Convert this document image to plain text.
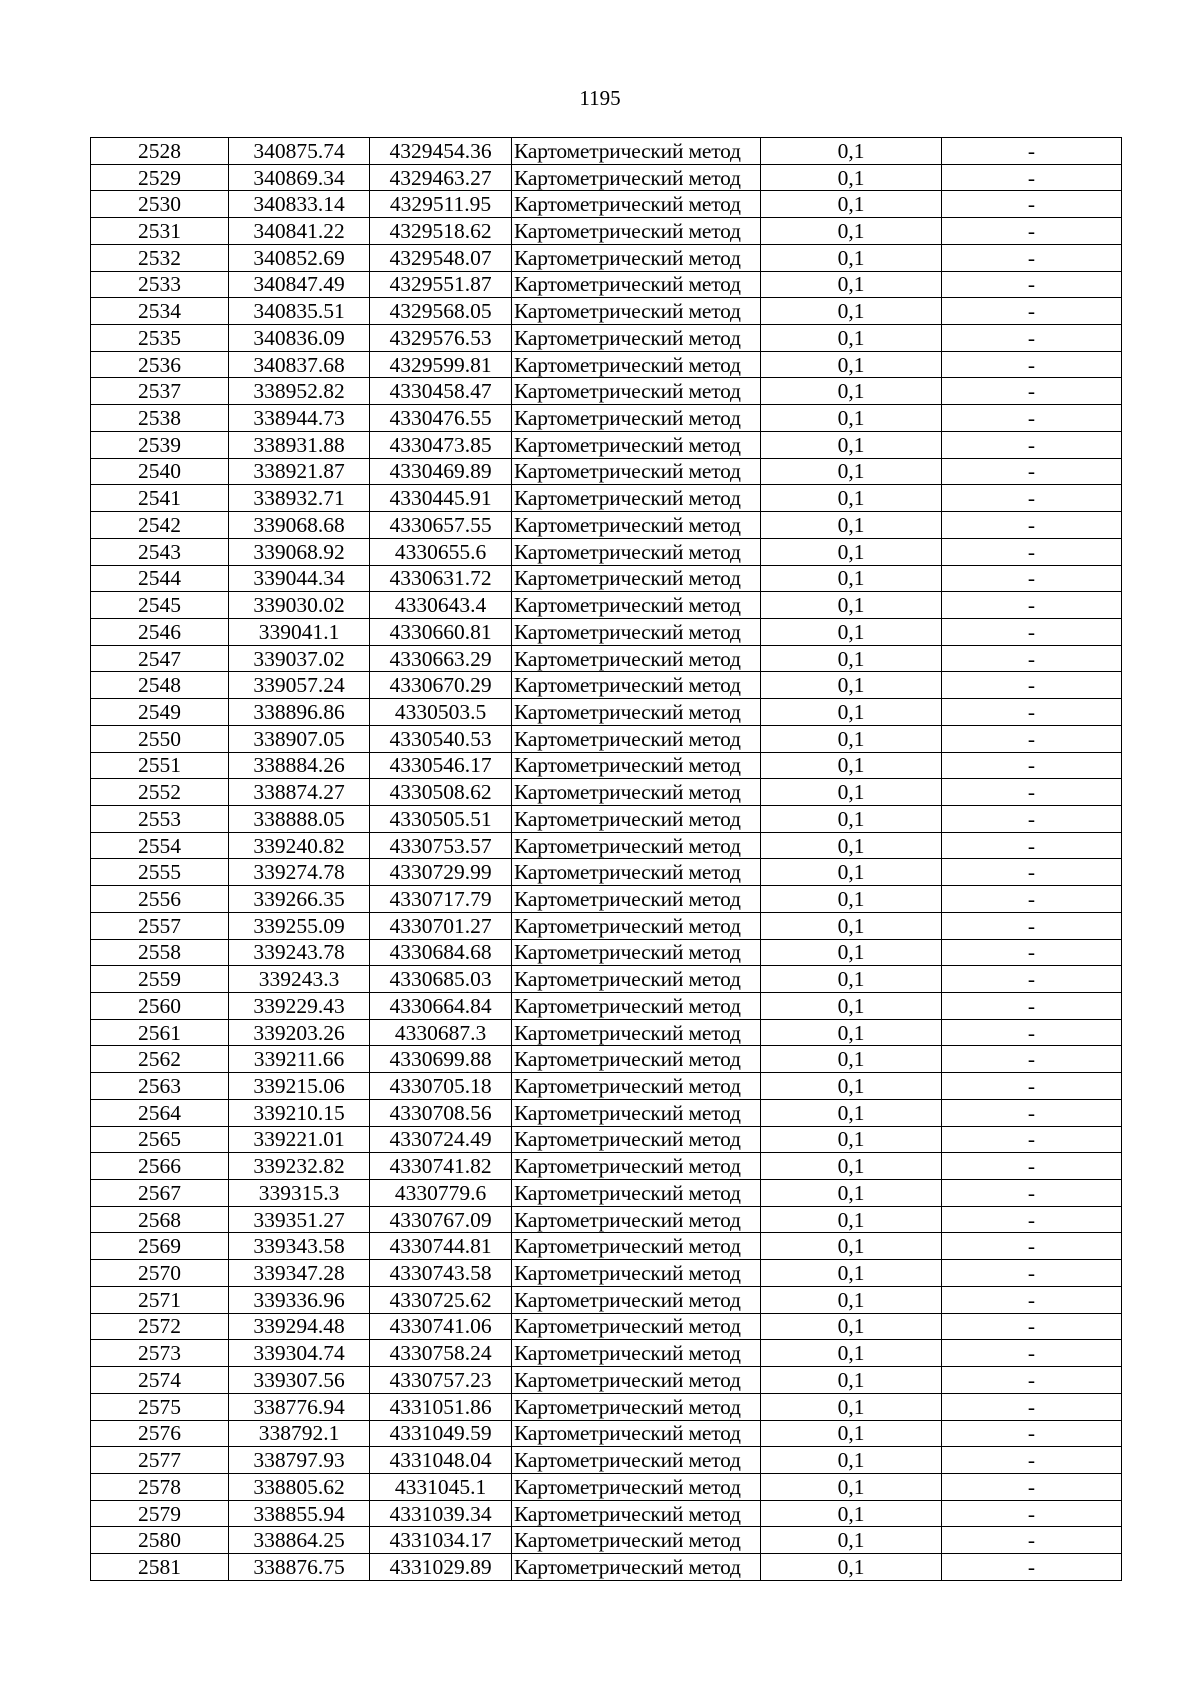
1195
2528	340875.74	4329454.36	Картометрический метод	0,1	-
2529	340869.34	4329463.27	Картометрический метод	0,1	-
2530	340833.14	4329511.95	Картометрический метод	0,1	-
2531	340841.22	4329518.62	Картометрический метод	0,1	-
2532	340852.69	4329548.07	Картометрический метод	0,1	-
2533	340847.49	4329551.87	Картометрический метод	0,1	-
2534	340835.51	4329568.05	Картометрический метод	0,1	-
2535	340836.09	4329576.53	Картометрический метод	0,1	-
2536	340837.68	4329599.81	Картометрический метод	0,1	-
2537	338952.82	4330458.47	Картометрический метод	0,1	-
2538	338944.73	4330476.55	Картометрический метод	0,1	-
2539	338931.88	4330473.85	Картометрический метод	0,1	-
2540	338921.87	4330469.89	Картометрический метод	0,1	-
2541	338932.71	4330445.91	Картометрический метод	0,1	-
2542	339068.68	4330657.55	Картометрический метод	0,1	-
2543	339068.92	4330655.6	Картометрический метод	0,1	-
2544	339044.34	4330631.72	Картометрический метод	0,1	-
2545	339030.02	4330643.4	Картометрический метод	0,1	-
2546	339041.1	4330660.81	Картометрический метод	0,1	-
2547	339037.02	4330663.29	Картометрический метод	0,1	-
2548	339057.24	4330670.29	Картометрический метод	0,1	-
2549	338896.86	4330503.5	Картометрический метод	0,1	-
2550	338907.05	4330540.53	Картометрический метод	0,1	-
2551	338884.26	4330546.17	Картометрический метод	0,1	-
2552	338874.27	4330508.62	Картометрический метод	0,1	-
2553	338888.05	4330505.51	Картометрический метод	0,1	-
2554	339240.82	4330753.57	Картометрический метод	0,1	-
2555	339274.78	4330729.99	Картометрический метод	0,1	-
2556	339266.35	4330717.79	Картометрический метод	0,1	-
2557	339255.09	4330701.27	Картометрический метод	0,1	-
2558	339243.78	4330684.68	Картометрический метод	0,1	-
2559	339243.3	4330685.03	Картометрический метод	0,1	-
2560	339229.43	4330664.84	Картометрический метод	0,1	-
2561	339203.26	4330687.3	Картометрический метод	0,1	-
2562	339211.66	4330699.88	Картометрический метод	0,1	-
2563	339215.06	4330705.18	Картометрический метод	0,1	-
2564	339210.15	4330708.56	Картометрический метод	0,1	-
2565	339221.01	4330724.49	Картометрический метод	0,1	-
2566	339232.82	4330741.82	Картометрический метод	0,1	-
2567	339315.3	4330779.6	Картометрический метод	0,1	-
2568	339351.27	4330767.09	Картометрический метод	0,1	-
2569	339343.58	4330744.81	Картометрический метод	0,1	-
2570	339347.28	4330743.58	Картометрический метод	0,1	-
2571	339336.96	4330725.62	Картометрический метод	0,1	-
2572	339294.48	4330741.06	Картометрический метод	0,1	-
2573	339304.74	4330758.24	Картометрический метод	0,1	-
2574	339307.56	4330757.23	Картометрический метод	0,1	-
2575	338776.94	4331051.86	Картометрический метод	0,1	-
2576	338792.1	4331049.59	Картометрический метод	0,1	-
2577	338797.93	4331048.04	Картометрический метод	0,1	-
2578	338805.62	4331045.1	Картометрический метод	0,1	-
2579	338855.94	4331039.34	Картометрический метод	0,1	-
2580	338864.25	4331034.17	Картометрический метод	0,1	-
2581	338876.75	4331029.89	Картометрический метод	0,1	-
